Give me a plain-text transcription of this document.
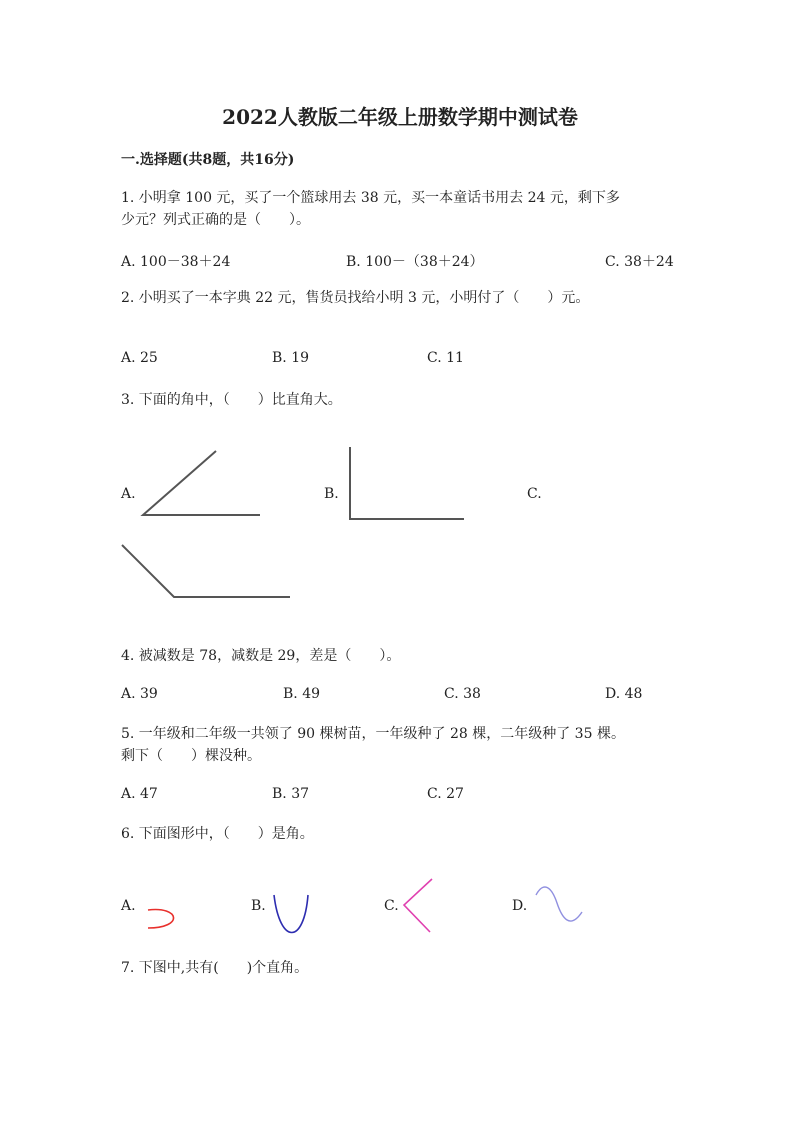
2022人教版二年级上册数学期中测试卷
一.选择题(共8题，共16分)
1. 小明拿 100 元，买了一个篮球用去 38 元，买一本童话书用去 24 元，剩下多
少元？列式正确的是（　　）。
A. 100－38＋24	B. 100－（38＋24）	C. 38＋24
2. 小明买了一本字典 22 元，售货员找给小明 3 元，小明付了（　　）元。
A. 25	B. 19	C. 11
3. 下面的角中，（　　）比直角大。
A.	B.	C.
4. 被减数是 78，减数是 29，差是（　　）。
A. 39	B. 49	C. 38	D. 48
5. 一年级和二年级一共领了 90 棵树苗，一年级种了 28 棵，二年级种了 35 棵。
剩下（　　）棵没种。
A. 47	B. 37	C. 27
6. 下面图形中，（　　）是角。
A.	B.	C.	D.
7. 下图中,共有(　　)个直角。
